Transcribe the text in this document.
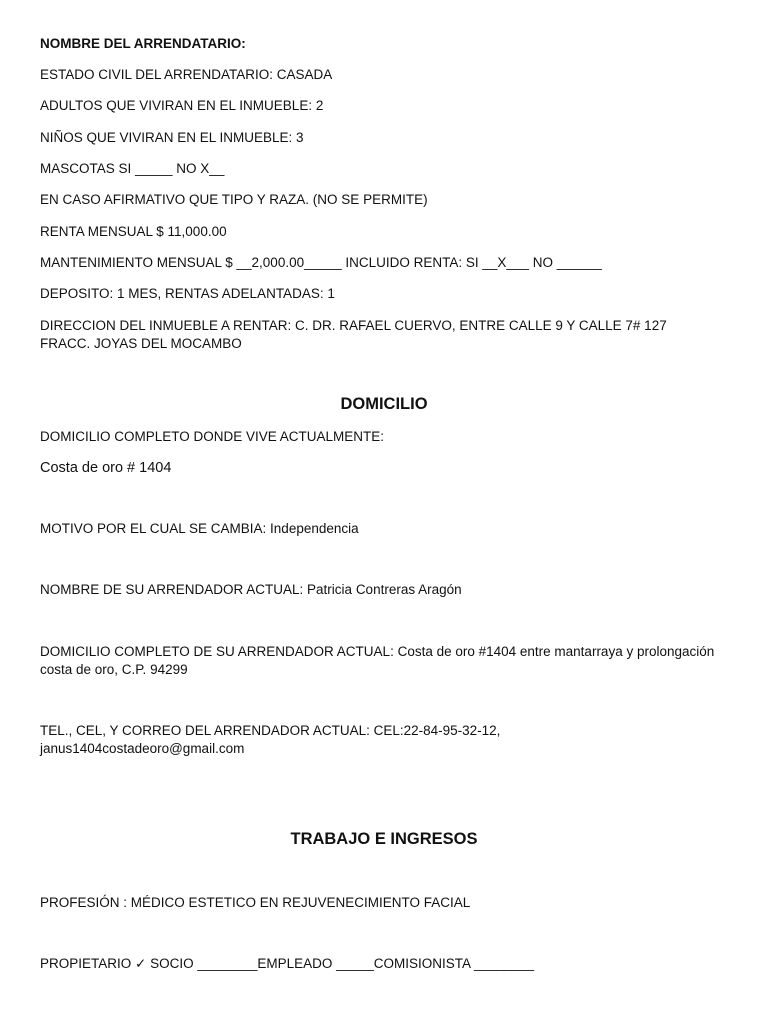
NOMBRE DEL ARRENDATARIO:
ESTADO CIVIL DEL ARRENDATARIO: CASADA
ADULTOS QUE VIVIRAN EN EL INMUEBLE: 2
NIÑOS QUE VIVIRAN EN EL INMUEBLE: 3
MASCOTAS SI _____ NO X__
EN CASO AFIRMATIVO QUE TIPO Y RAZA. (NO SE PERMITE)
RENTA MENSUAL $ 11,000.00
MANTENIMIENTO MENSUAL $ __2,000.00_____ INCLUIDO RENTA: SI __X___ NO ______
DEPOSITO: 1 MES, RENTAS ADELANTADAS: 1
DIRECCION DEL INMUEBLE A RENTAR: C. DR. RAFAEL CUERVO, ENTRE CALLE 9 Y CALLE 7# 127 FRACC. JOYAS DEL MOCAMBO
DOMICILIO
DOMICILIO COMPLETO DONDE VIVE ACTUALMENTE:
Costa de oro # 1404
MOTIVO POR EL CUAL SE CAMBIA: Independencia
NOMBRE DE SU ARRENDADOR ACTUAL: Patricia Contreras Aragón
DOMICILIO COMPLETO DE SU ARRENDADOR ACTUAL: Costa de oro #1404 entre mantarraya y prolongación costa de oro, C.P. 94299
TEL., CEL, Y CORREO DEL ARRENDADOR ACTUAL: CEL:22-84-95-32-12, janus1404costadeoro@gmail.com
TRABAJO E INGRESOS
PROFESIÓN : MÉDICO ESTETICO EN REJUVENECIMIENTO FACIAL
PROPIETARIO ✓ SOCIO ________EMPLEADO _____COMISIONISTA ________
